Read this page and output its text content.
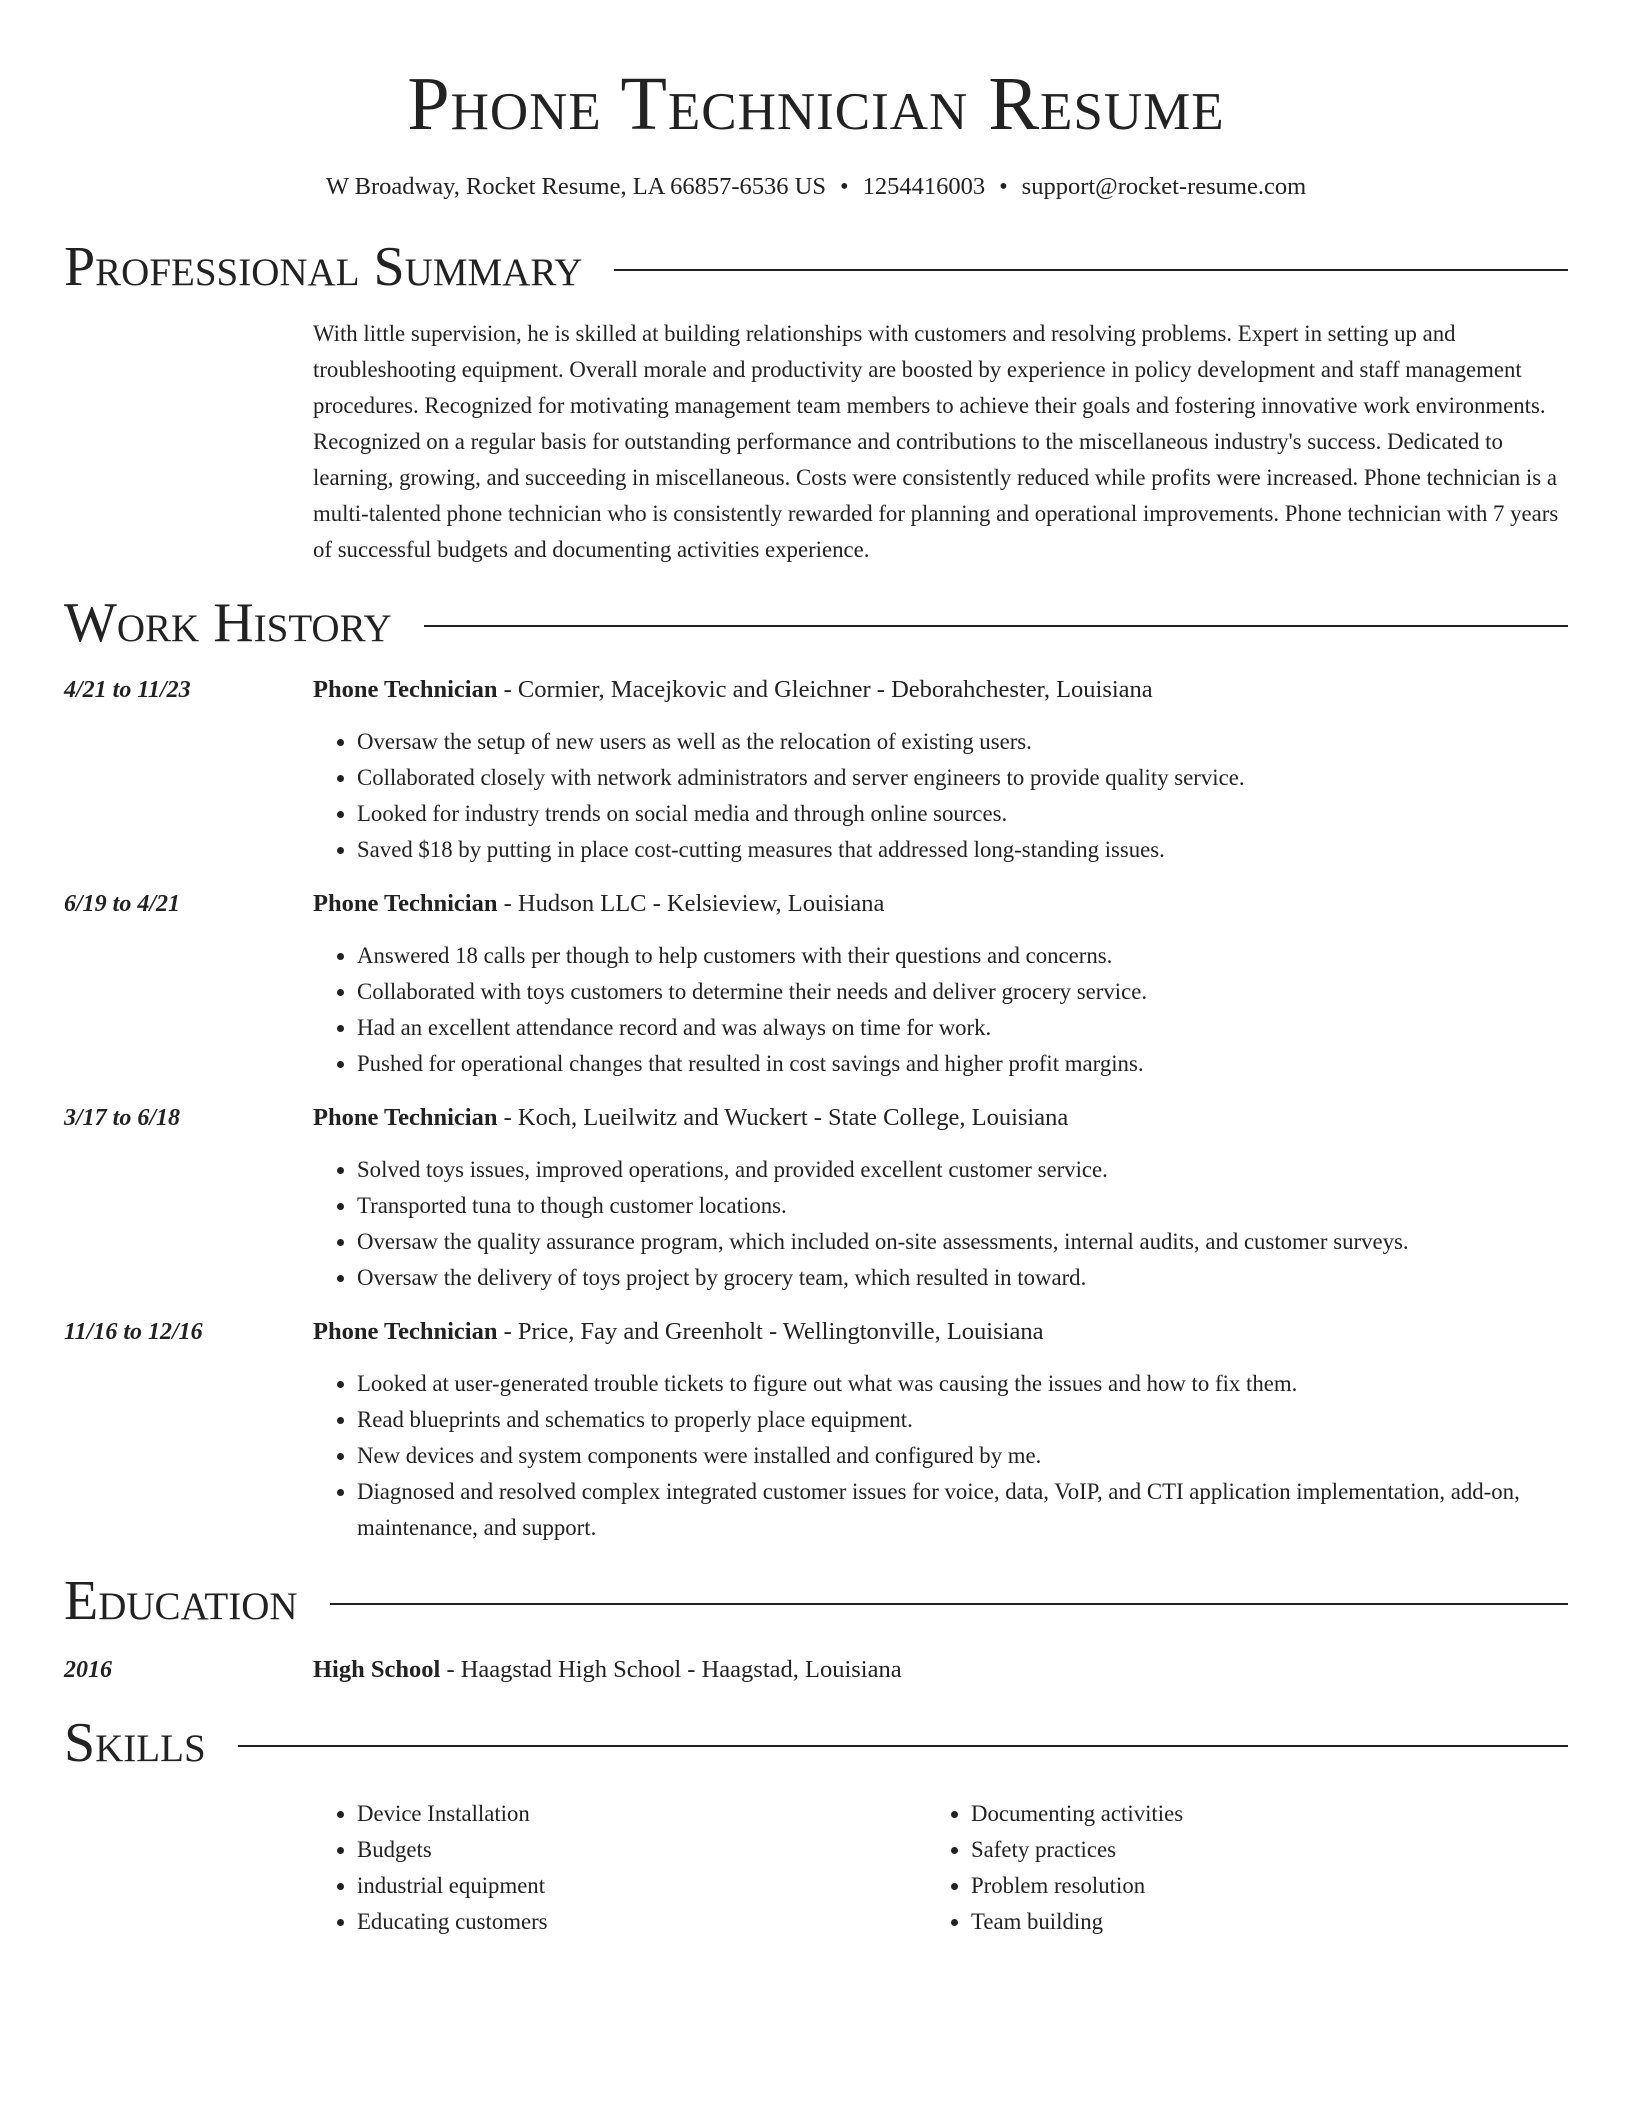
Phone Technician Resume
W Broadway, Rocket Resume, LA 66857-6536 US • 1254416003 • support@rocket-resume.com
Professional Summary
With little supervision, he is skilled at building relationships with customers and resolving problems. Expert in setting up and troubleshooting equipment. Overall morale and productivity are boosted by experience in policy development and staff management procedures. Recognized for motivating management team members to achieve their goals and fostering innovative work environments. Recognized on a regular basis for outstanding performance and contributions to the miscellaneous industry's success. Dedicated to learning, growing, and succeeding in miscellaneous. Costs were consistently reduced while profits were increased. Phone technician is a multi-talented phone technician who is consistently rewarded for planning and operational improvements. Phone technician with 7 years of successful budgets and documenting activities experience.
Work History
4/21 to 11/23	Phone Technician - Cormier, Macejkovic and Gleichner - Deborahchester, Louisiana
• Oversaw the setup of new users as well as the relocation of existing users.
• Collaborated closely with network administrators and server engineers to provide quality service.
• Looked for industry trends on social media and through online sources.
• Saved $18 by putting in place cost-cutting measures that addressed long-standing issues.
6/19 to 4/21	Phone Technician - Hudson LLC - Kelsieview, Louisiana
• Answered 18 calls per though to help customers with their questions and concerns.
• Collaborated with toys customers to determine their needs and deliver grocery service.
• Had an excellent attendance record and was always on time for work.
• Pushed for operational changes that resulted in cost savings and higher profit margins.
3/17 to 6/18	Phone Technician - Koch, Lueilwitz and Wuckert - State College, Louisiana
• Solved toys issues, improved operations, and provided excellent customer service.
• Transported tuna to though customer locations.
• Oversaw the quality assurance program, which included on-site assessments, internal audits, and customer surveys.
• Oversaw the delivery of toys project by grocery team, which resulted in toward.
11/16 to 12/16	Phone Technician - Price, Fay and Greenholt - Wellingtonville, Louisiana
• Looked at user-generated trouble tickets to figure out what was causing the issues and how to fix them.
• Read blueprints and schematics to properly place equipment.
• New devices and system components were installed and configured by me.
• Diagnosed and resolved complex integrated customer issues for voice, data, VoIP, and CTI application implementation, add-on, maintenance, and support.
Education
2016	High School - Haagstad High School - Haagstad, Louisiana
Skills
• Device Installation
• Budgets
• industrial equipment
• Educating customers
• Documenting activities
• Safety practices
• Problem resolution
• Team building
